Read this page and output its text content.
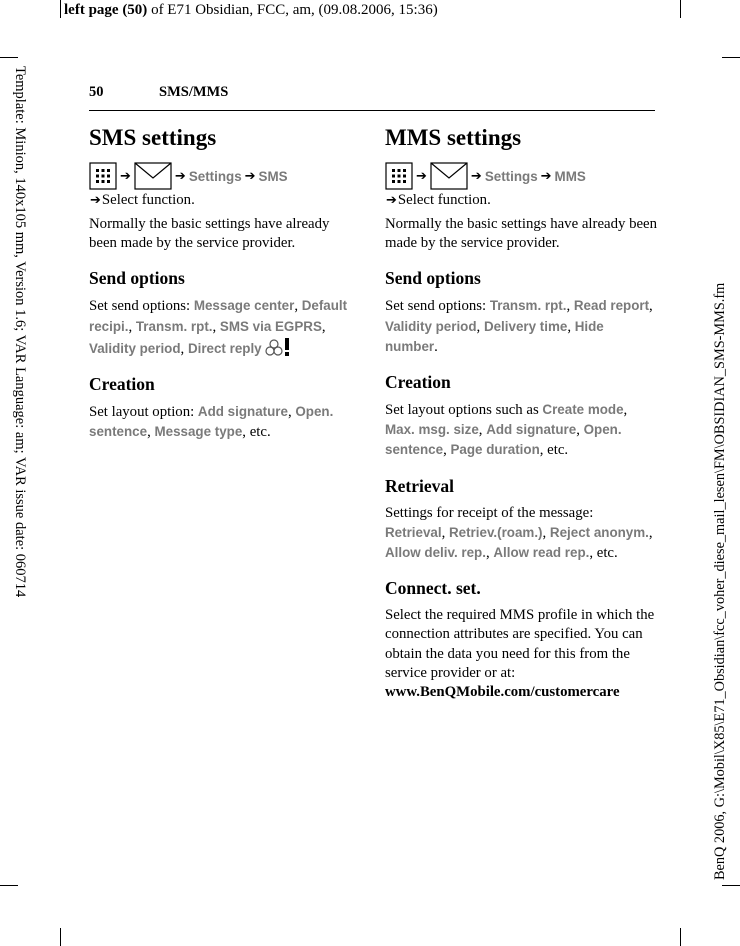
left page (50) of E71 Obsidian, FCC, am, (09.08.2006, 15:36)
Template: Minion, 140x105 mm, Version 1.6; VAR Language: am; VAR issue date: 060714	BenQ 2006, G:\Mobil\X85\E71_Obsidian\fcc_voher_diese_mail_lesen\FM\OBSIDIAN_SMS-MMS.fm
50	SMS/MMS
SMS settings
➔	➔ Settings ➔ SMS
➔Select function.

Normally the basic settings have already been made by the service provider.

Send options

Set send options: Message center, Default recipi., Transm. rpt., SMS via EGPRS, Validity period, Direct reply

Creation

Set layout option: Add signature, Open. sentence, Message type, etc.

MMS settings
➔	➔ Settings ➔ MMS
➔Select function.

Normally the basic settings have already been made by the service provider.

Send options

Set send options: Transm. rpt., Read report, Validity period, Delivery time, Hide number.

Creation

Set layout options such as Create mode, Max. msg. size, Add signature, Open. sentence, Page duration, etc.

Retrieval

Settings for receipt of the message: Retrieval, Retriev.(roam.), Reject anonym., Allow deliv. rep., Allow read rep., etc.

Connect. set.

Select the required MMS profile in which the connection attributes are specified. You can obtain the data you need for this from the service provider or at:
www.BenQMobile.com/customercare
